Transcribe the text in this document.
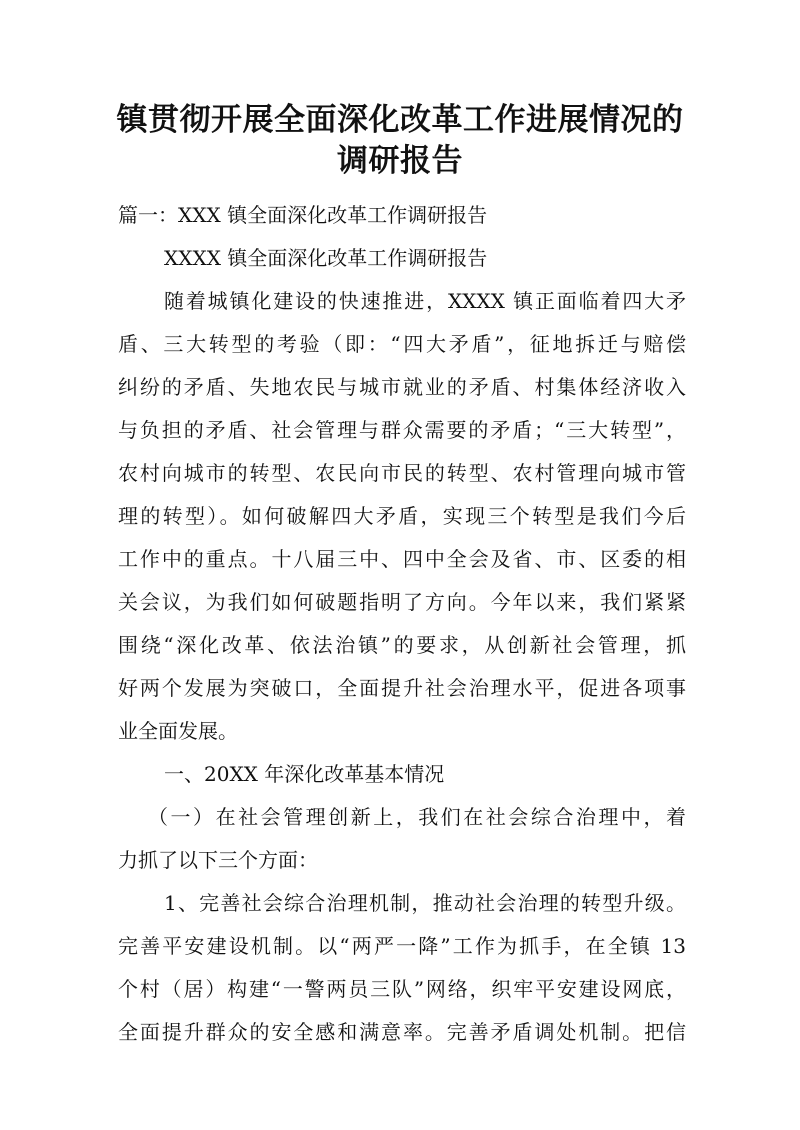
镇贯彻开展全面深化改革工作进展情况的
调研报告

篇一：XXX 镇全面深化改革工作调研报告

XXXX 镇全面深化改革工作调研报告

随着城镇化建设的快速推进，XXXX 镇正面临着四大矛

盾、三大转型的考验（即：“四大矛盾”，征地拆迁与赔偿

纠纷的矛盾、失地农民与城市就业的矛盾、村集体经济收入

与负担的矛盾、社会管理与群众需要的矛盾；“三大转型”，

农村向城市的转型、农民向市民的转型、农村管理向城市管

理的转型）。如何破解四大矛盾，实现三个转型是我们今后

工作中的重点。十八届三中、四中全会及省、市、区委的相

关会议，为我们如何破题指明了方向。今年以来，我们紧紧

围绕“深化改革、依法治镇”的要求，从创新社会管理，抓

好两个发展为突破口，全面提升社会治理水平，促进各项事

业全面发展。

一、20XX 年深化改革基本情况

（一）在社会管理创新上，我们在社会综合治理中，着

力抓了以下三个方面：

1、完善社会综合治理机制，推动社会治理的转型升级。

完善平安建设机制。以“两严一降”工作为抓手，在全镇 13

个村（居）构建“一警两员三队”网络，织牢平安建设网底，

全面提升群众的安全感和满意率。完善矛盾调处机制。把信
